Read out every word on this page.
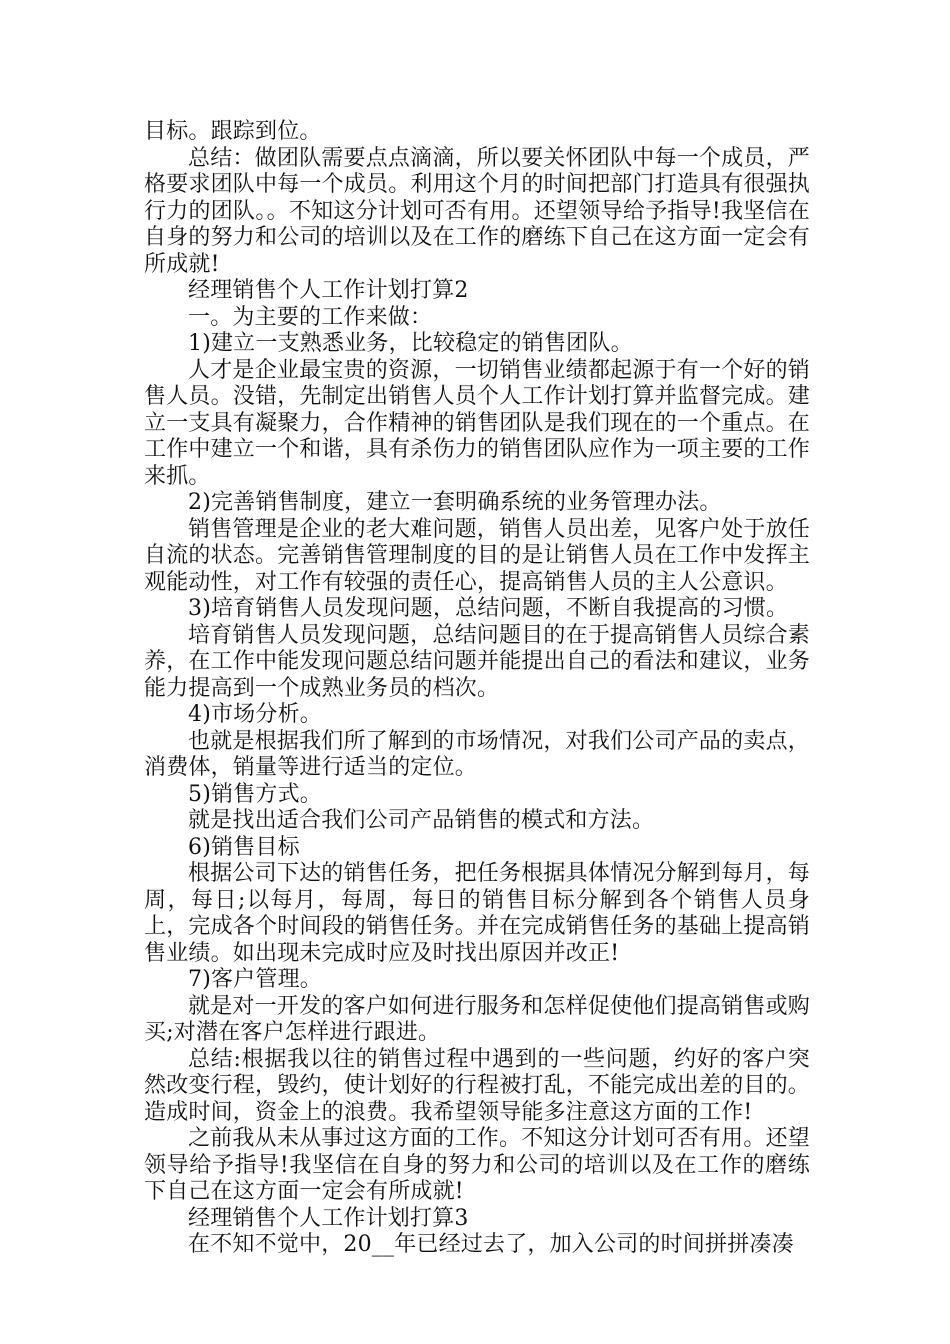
目标。跟踪到位。

总结：做团队需要点点滴滴，所以要关怀团队中每一个成员，严格要求团队中每一个成员。利用这个月的时间把部门打造具有很强执行力的团队。。不知这分计划可否有用。还望领导给予指导!我坚信在自身的努力和公司的培训以及在工作的磨练下自己在这方面一定会有所成就!

经理销售个人工作计划打算2

一。为主要的工作来做：

1)建立一支熟悉业务，比较稳定的销售团队。

人才是企业最宝贵的资源，一切销售业绩都起源于有一个好的销售人员。没错，先制定出销售人员个人工作计划打算并监督完成。建立一支具有凝聚力，合作精神的销售团队是我们现在的一个重点。在工作中建立一个和谐，具有杀伤力的销售团队应作为一项主要的工作来抓。

2)完善销售制度，建立一套明确系统的业务管理办法。

销售管理是企业的老大难问题，销售人员出差，见客户处于放任自流的状态。完善销售管理制度的目的是让销售人员在工作中发挥主观能动性，对工作有较强的责任心，提高销售人员的主人公意识。

3)培育销售人员发现问题，总结问题，不断自我提高的习惯。

培育销售人员发现问题，总结问题目的在于提高销售人员综合素养，在工作中能发现问题总结问题并能提出自己的看法和建议，业务能力提高到一个成熟业务员的档次。

4)市场分析。

也就是根据我们所了解到的市场情况，对我们公司产品的卖点，消费体，销量等进行适当的定位。

5)销售方式。

就是找出适合我们公司产品销售的模式和方法。

6)销售目标

根据公司下达的销售任务，把任务根据具体情况分解到每月，每周，每日;以每月，每周，每日的销售目标分解到各个销售人员身上，完成各个时间段的销售任务。并在完成销售任务的基础上提高销售业绩。如出现未完成时应及时找出原因并改正!

7)客户管理。

就是对一开发的客户如何进行服务和怎样促使他们提高销售或购买;对潜在客户怎样进行跟进。

总结:根据我以往的销售过程中遇到的一些问题，约好的客户突然改变行程，毁约，使计划好的行程被打乱，不能完成出差的目的。造成时间，资金上的浪费。我希望领导能多注意这方面的工作!

之前我从未从事过这方面的工作。不知这分计划可否有用。还望领导给予指导!我坚信在自身的努力和公司的培训以及在工作的磨练下自己在这方面一定会有所成就!

经理销售个人工作计划打算3

在不知不觉中，20__年已经过去了，加入公司的时间拼拼凑凑
